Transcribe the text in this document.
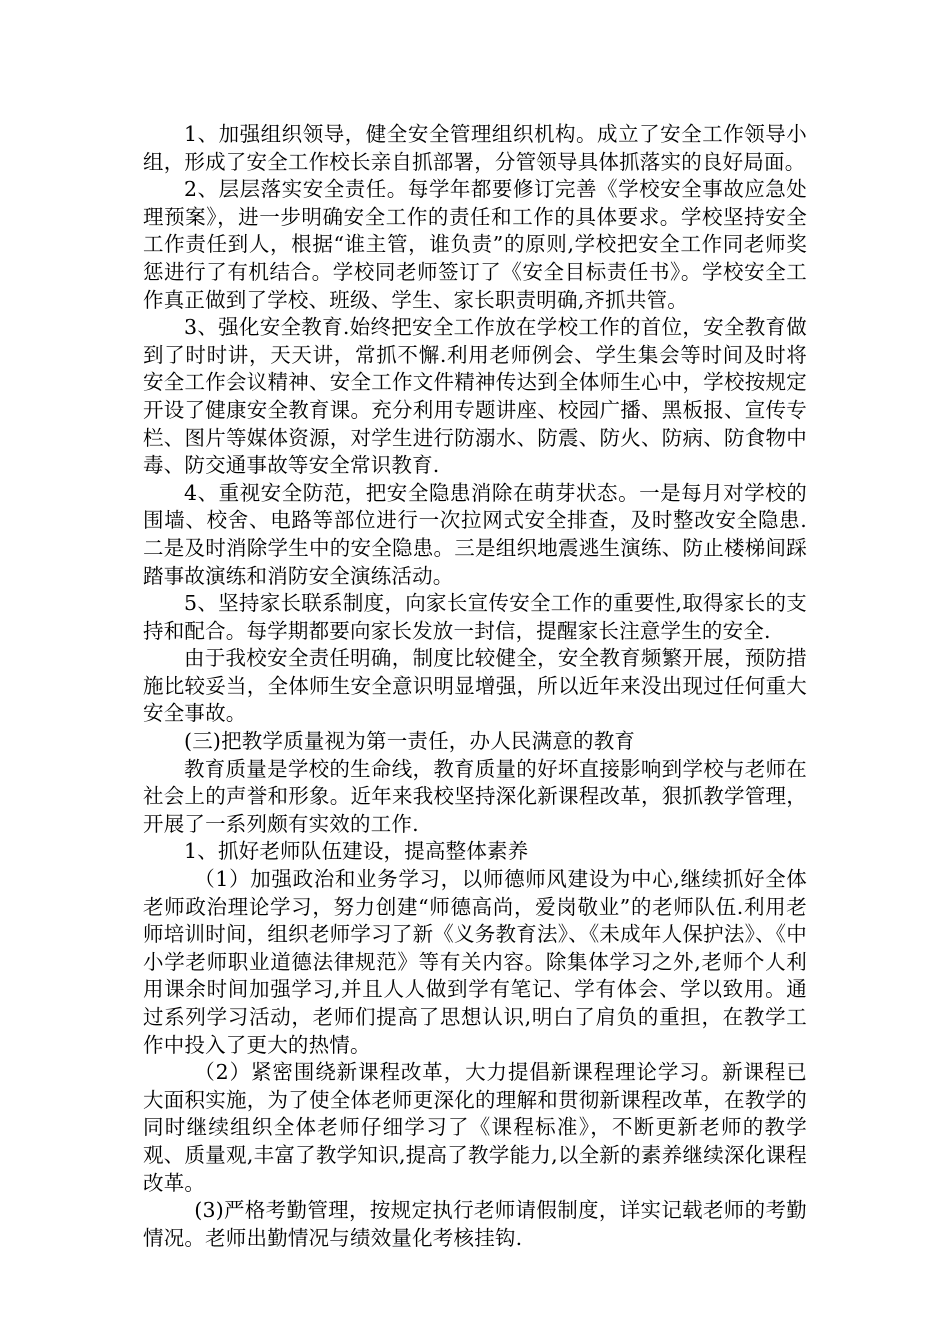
1、加强组织领导，健全安全管理组织机构。成立了安全工作领导小组，形成了安全工作校长亲自抓部署，分管领导具体抓落实的良好局面。

2、层层落实安全责任。每学年都要修订完善《学校安全事故应急处理预案》，进一步明确安全工作的责任和工作的具体要求。学校坚持安全工作责任到人，根据“谁主管，谁负责”的原则,学校把安全工作同老师奖惩进行了有机结合。学校同老师签订了《安全目标责任书》。学校安全工作真正做到了学校、班级、学生、家长职责明确,齐抓共管。

3、强化安全教育.始终把安全工作放在学校工作的首位，安全教育做到了时时讲，天天讲，常抓不懈.利用老师例会、学生集会等时间及时将安全工作会议精神、安全工作文件精神传达到全体师生心中，学校按规定开设了健康安全教育课。充分利用专题讲座、校园广播、黑板报、宣传专栏、图片等媒体资源，对学生进行防溺水、防震、防火、防病、防食物中毒、防交通事故等安全常识教育.

4、重视安全防范，把安全隐患消除在萌芽状态。一是每月对学校的围墙、校舍、电路等部位进行一次拉网式安全排查，及时整改安全隐患.二是及时消除学生中的安全隐患。三是组织地震逃生演练、防止楼梯间踩踏事故演练和消防安全演练活动。

5、坚持家长联系制度，向家长宣传安全工作的重要性,取得家长的支持和配合。每学期都要向家长发放一封信，提醒家长注意学生的安全.

由于我校安全责任明确，制度比较健全，安全教育频繁开展，预防措施比较妥当，全体师生安全意识明显增强，所以近年来没出现过任何重大安全事故。

(三)把教学质量视为第一责任，办人民满意的教育

教育质量是学校的生命线，教育质量的好坏直接影响到学校与老师在社会上的声誉和形象。近年来我校坚持深化新课程改革，狠抓教学管理，开展了一系列颇有实效的工作.

1、抓好老师队伍建设，提高整体素养

（1）加强政治和业务学习，以师德师风建设为中心,继续抓好全体老师政治理论学习，努力创建“师德高尚，爱岗敬业”的老师队伍.利用老师培训时间，组织老师学习了新《义务教育法》、《未成年人保护法》、《中小学老师职业道德法律规范》等有关内容。除集体学习之外,老师个人利用课余时间加强学习,并且人人做到学有笔记、学有体会、学以致用。通过系列学习活动，老师们提高了思想认识,明白了肩负的重担，在教学工作中投入了更大的热情。

（2）紧密围绕新课程改革，大力提倡新课程理论学习。新课程已大面积实施，为了使全体老师更深化的理解和贯彻新课程改革，在教学的同时继续组织全体老师仔细学习了《课程标准》，不断更新老师的教学观、质量观,丰富了教学知识,提高了教学能力,以全新的素养继续深化课程改革。

(3)严格考勤管理，按规定执行老师请假制度，详实记载老师的考勤情况。老师出勤情况与绩效量化考核挂钩.
